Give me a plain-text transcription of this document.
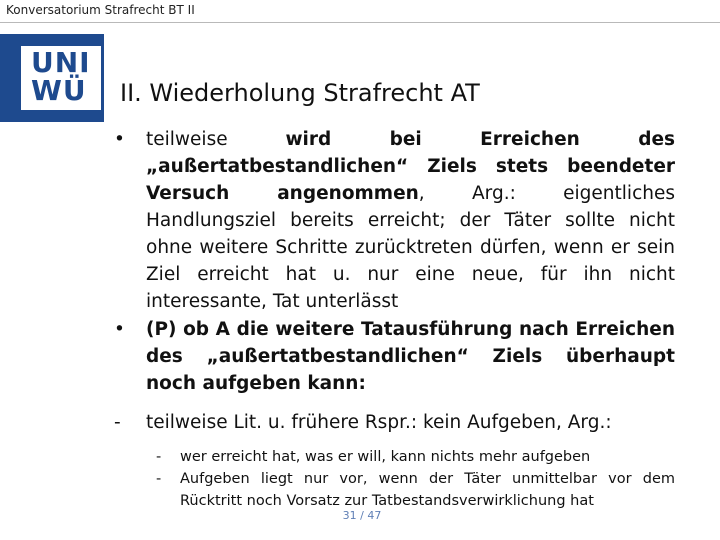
Konversatorium Strafrecht BT II
UNI
WÜ II. Wiederholung Strafrecht AT
•	teilweise wird bei Erreichen des „außertatbestandlichen“ Ziels stets beendeter Versuch angenommen, Arg.: eigentliches Handlungsziel bereits erreicht; der Täter sollte nicht ohne weitere Schritte zurücktreten dürfen, wenn er sein Ziel erreicht hat u. nur eine neue, für ihn nicht interessante, Tat unterlässt
•	(P) ob A die weitere Tatausführung nach Erreichen des „außertatbestandlichen“ Ziels überhaupt noch aufgeben kann:
-	teilweise Lit. u. frühere Rspr.: kein Aufgeben, Arg.:
- wer erreicht hat, was er will, kann nichts mehr aufgeben
- Aufgeben liegt nur vor, wenn der Täter unmittelbar vor dem Rücktritt noch Vorsatz zur Tatbestandsverwirklichung hat
31 / 47
